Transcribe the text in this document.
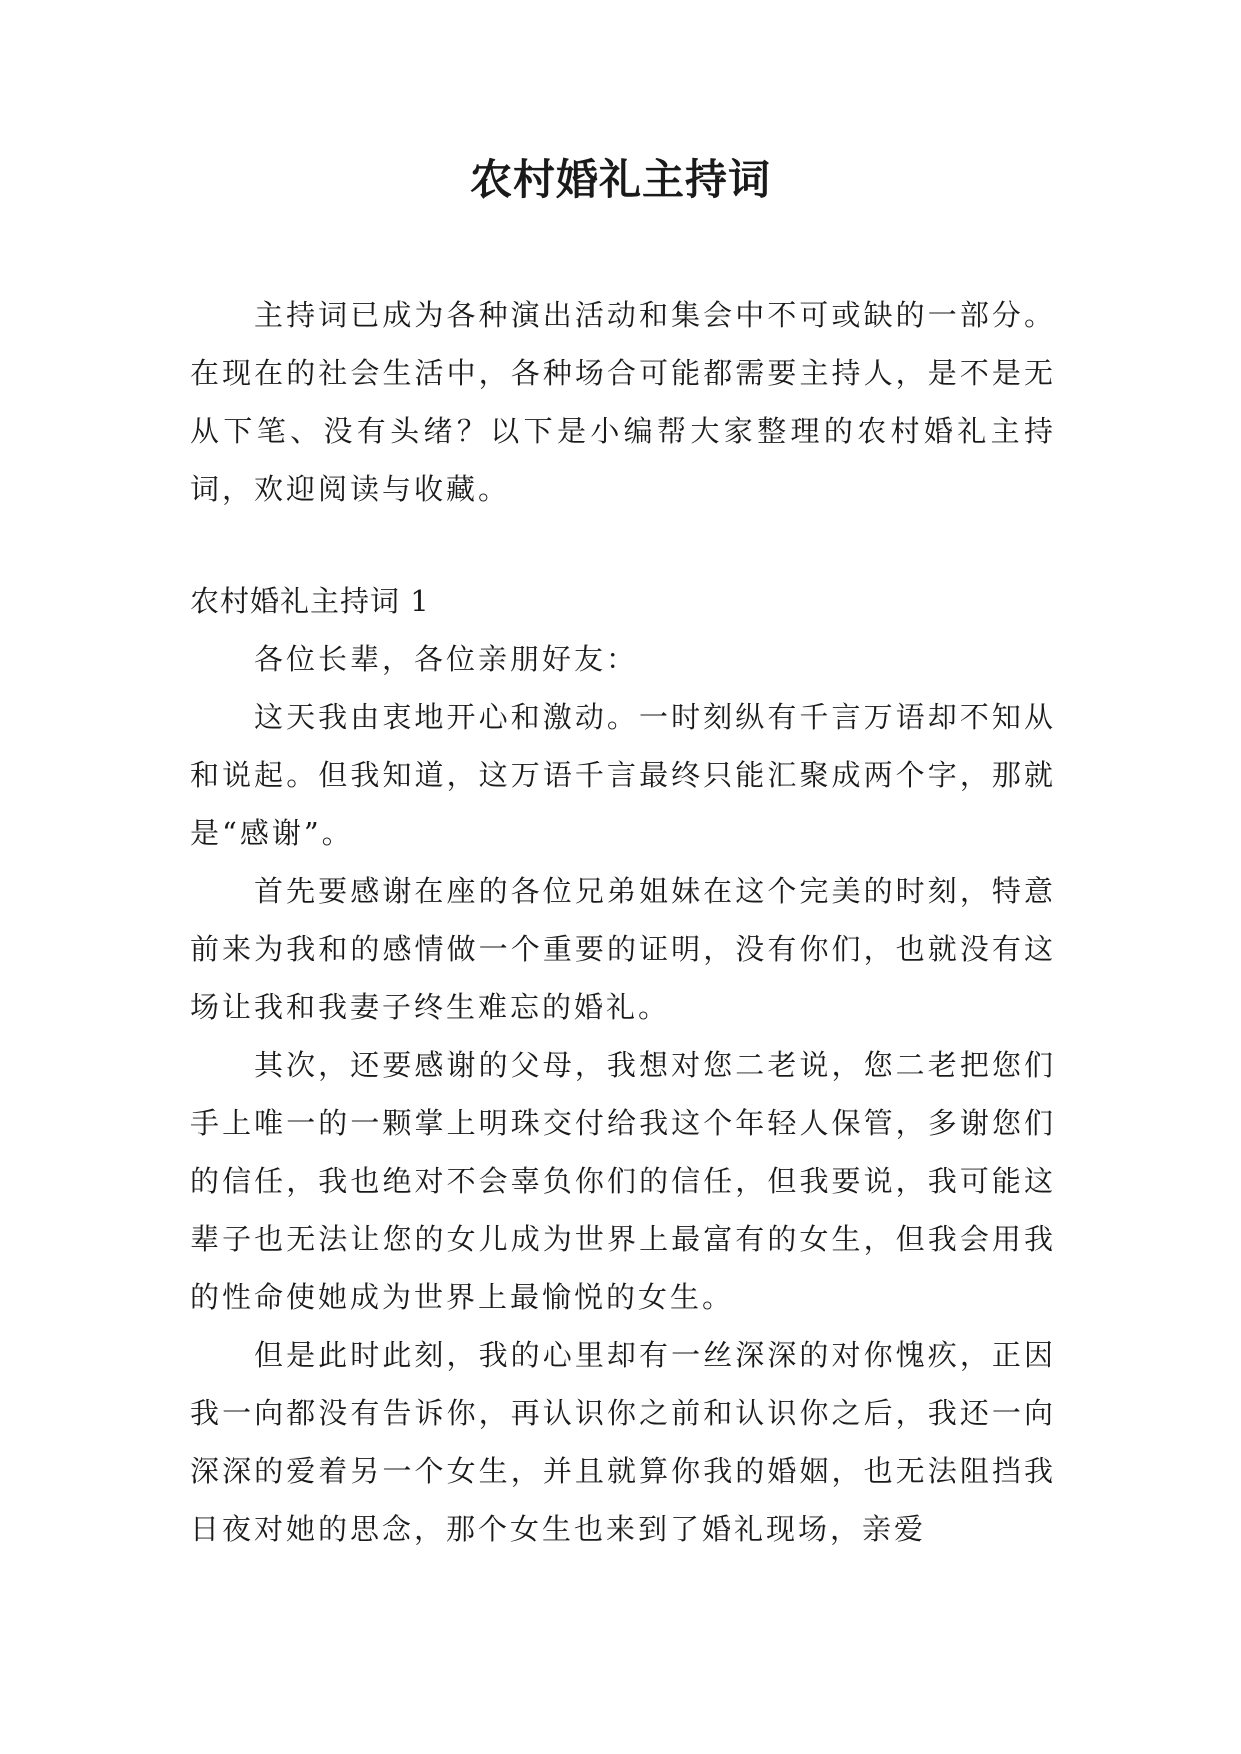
农村婚礼主持词

主持词已成为各种演出活动和集会中不可或缺的一部分。在现在的社会生活中，各种场合可能都需要主持人，是不是无从下笔、没有头绪？以下是小编帮大家整理的农村婚礼主持词，欢迎阅读与收藏。

农村婚礼主持词 1

各位长辈，各位亲朋好友：

这天我由衷地开心和激动。一时刻纵有千言万语却不知从和说起。但我知道，这万语千言最终只能汇聚成两个字，那就是“感谢”。

首先要感谢在座的各位兄弟姐妹在这个完美的时刻，特意前来为我和的感情做一个重要的证明，没有你们，也就没有这场让我和我妻子终生难忘的婚礼。

其次，还要感谢的父母，我想对您二老说，您二老把您们手上唯一的一颗掌上明珠交付给我这个年轻人保管，多谢您们的信任，我也绝对不会辜负你们的信任，但我要说，我可能这辈子也无法让您的女儿成为世界上最富有的女生，但我会用我的性命使她成为世界上最愉悦的女生。

但是此时此刻，我的心里却有一丝深深的对你愧疚，正因我一向都没有告诉你，再认识你之前和认识你之后，我还一向深深的爱着另一个女生，并且就算你我的婚姻，也无法阻挡我日夜对她的思念，那个女生也来到了婚礼现场，亲爱
